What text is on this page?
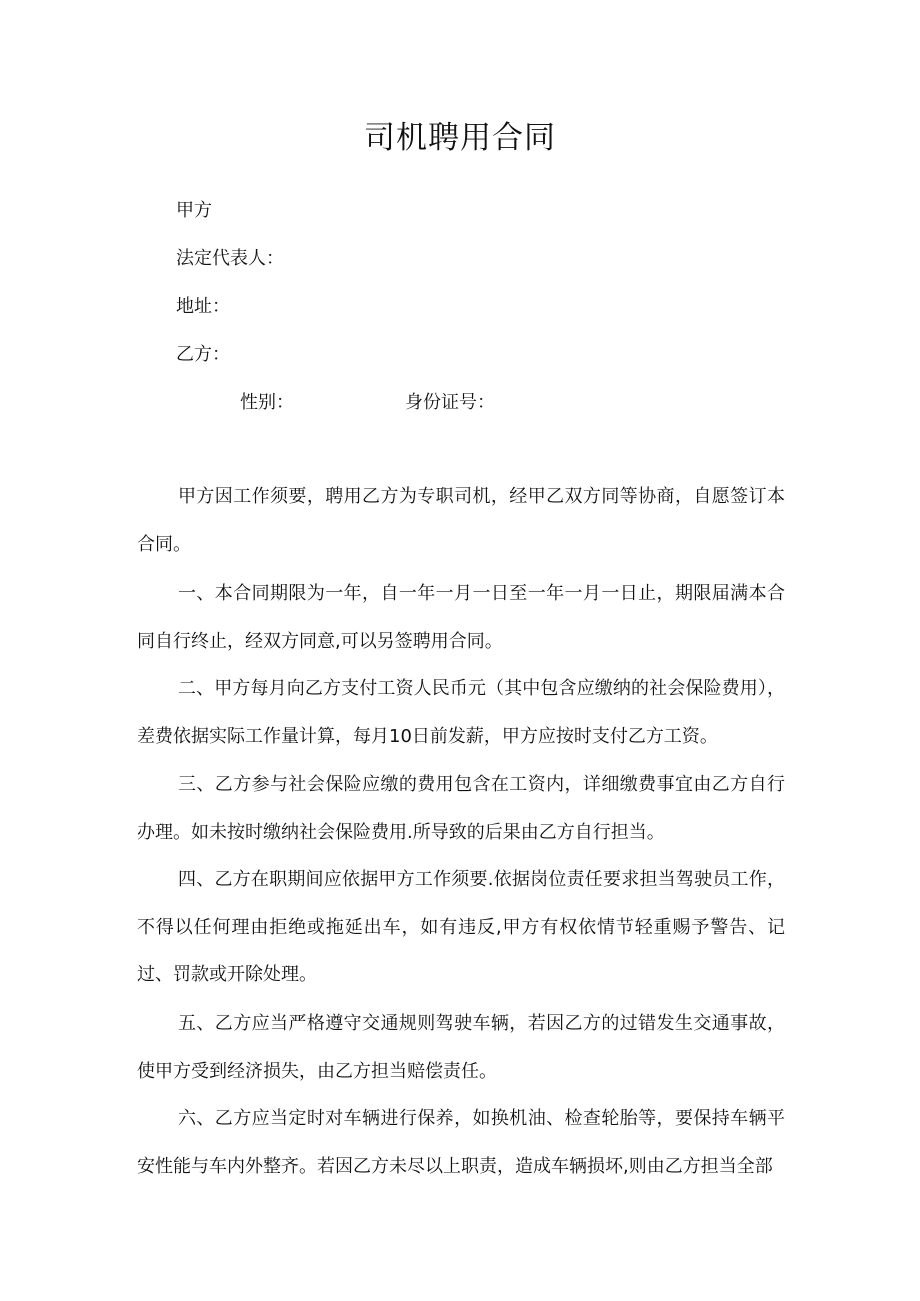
司机聘用合同
甲方
法定代表人：
地址：
乙方：
性别：	身份证号：

甲方因工作须要，聘用乙方为专职司机，经甲乙双方同等协商，自愿签订本合同。

一、本合同期限为一年，自一年一月一日至一年一月一日止，期限届满本合同自行终止，经双方同意,可以另签聘用合同。

二、甲方每月向乙方支付工资人民币元（其中包含应缴纳的社会保险费用），差费依据实际工作量计算，每月10日前发薪，甲方应按时支付乙方工资。

三、乙方参与社会保险应缴的费用包含在工资内，详细缴费事宜由乙方自行办理。如未按时缴纳社会保险费用.所导致的后果由乙方自行担当。

四、乙方在职期间应依据甲方工作须要.依据岗位责任要求担当驾驶员工作，不得以任何理由拒绝或拖延出车，如有违反,甲方有权依情节轻重赐予警告、记过、罚款或开除处理。

五、乙方应当严格遵守交通规则驾驶车辆，若因乙方的过错发生交通事故，使甲方受到经济损失，由乙方担当赔偿责任。

六、乙方应当定时对车辆进行保养，如换机油、检查轮胎等，要保持车辆平安性能与车内外整齐。若因乙方未尽以上职责，造成车辆损坏,则由乙方担当全部
